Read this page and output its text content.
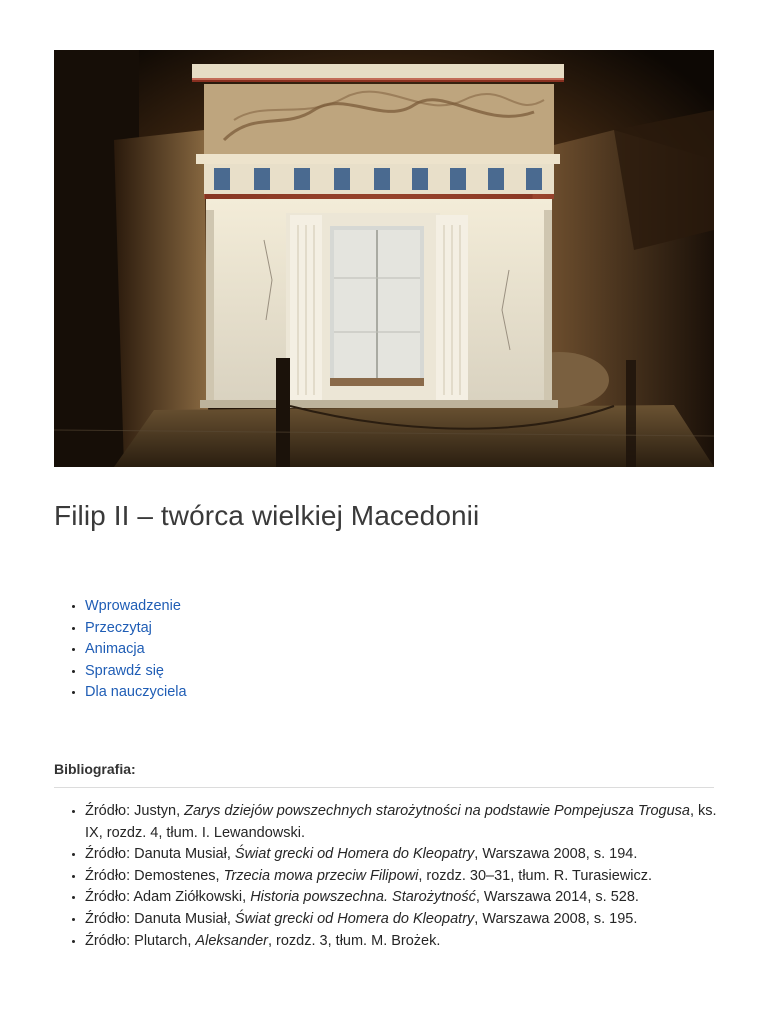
Filip II – twórca wielkiej Macedonii
• Wprowadzenie
• Przeczytaj
• Animacja
• Sprawdź się
• Dla nauczyciela
Bibliografia:
• Źródło: Justyn, Zarys dziejów powszechnych starożytności na podstawie Pompejusza Trogusa, ks. IX, rozdz. 4, tłum. I. Lewandowski.
• Źródło: Danuta Musiał, Świat grecki od Homera do Kleopatry, Warszawa 2008, s. 194.
• Źródło: Demostenes, Trzecia mowa przeciw Filipowi, rozdz. 30–31, tłum. R. Turasiewicz.
• Źródło: Adam Ziółkowski, Historia powszechna. Starożytność, Warszawa 2014, s. 528.
• Źródło: Danuta Musiał, Świat grecki od Homera do Kleopatry, Warszawa 2008, s. 195.
• Źródło: Plutarch, Aleksander, rozdz. 3, tłum. M. Brożek.
